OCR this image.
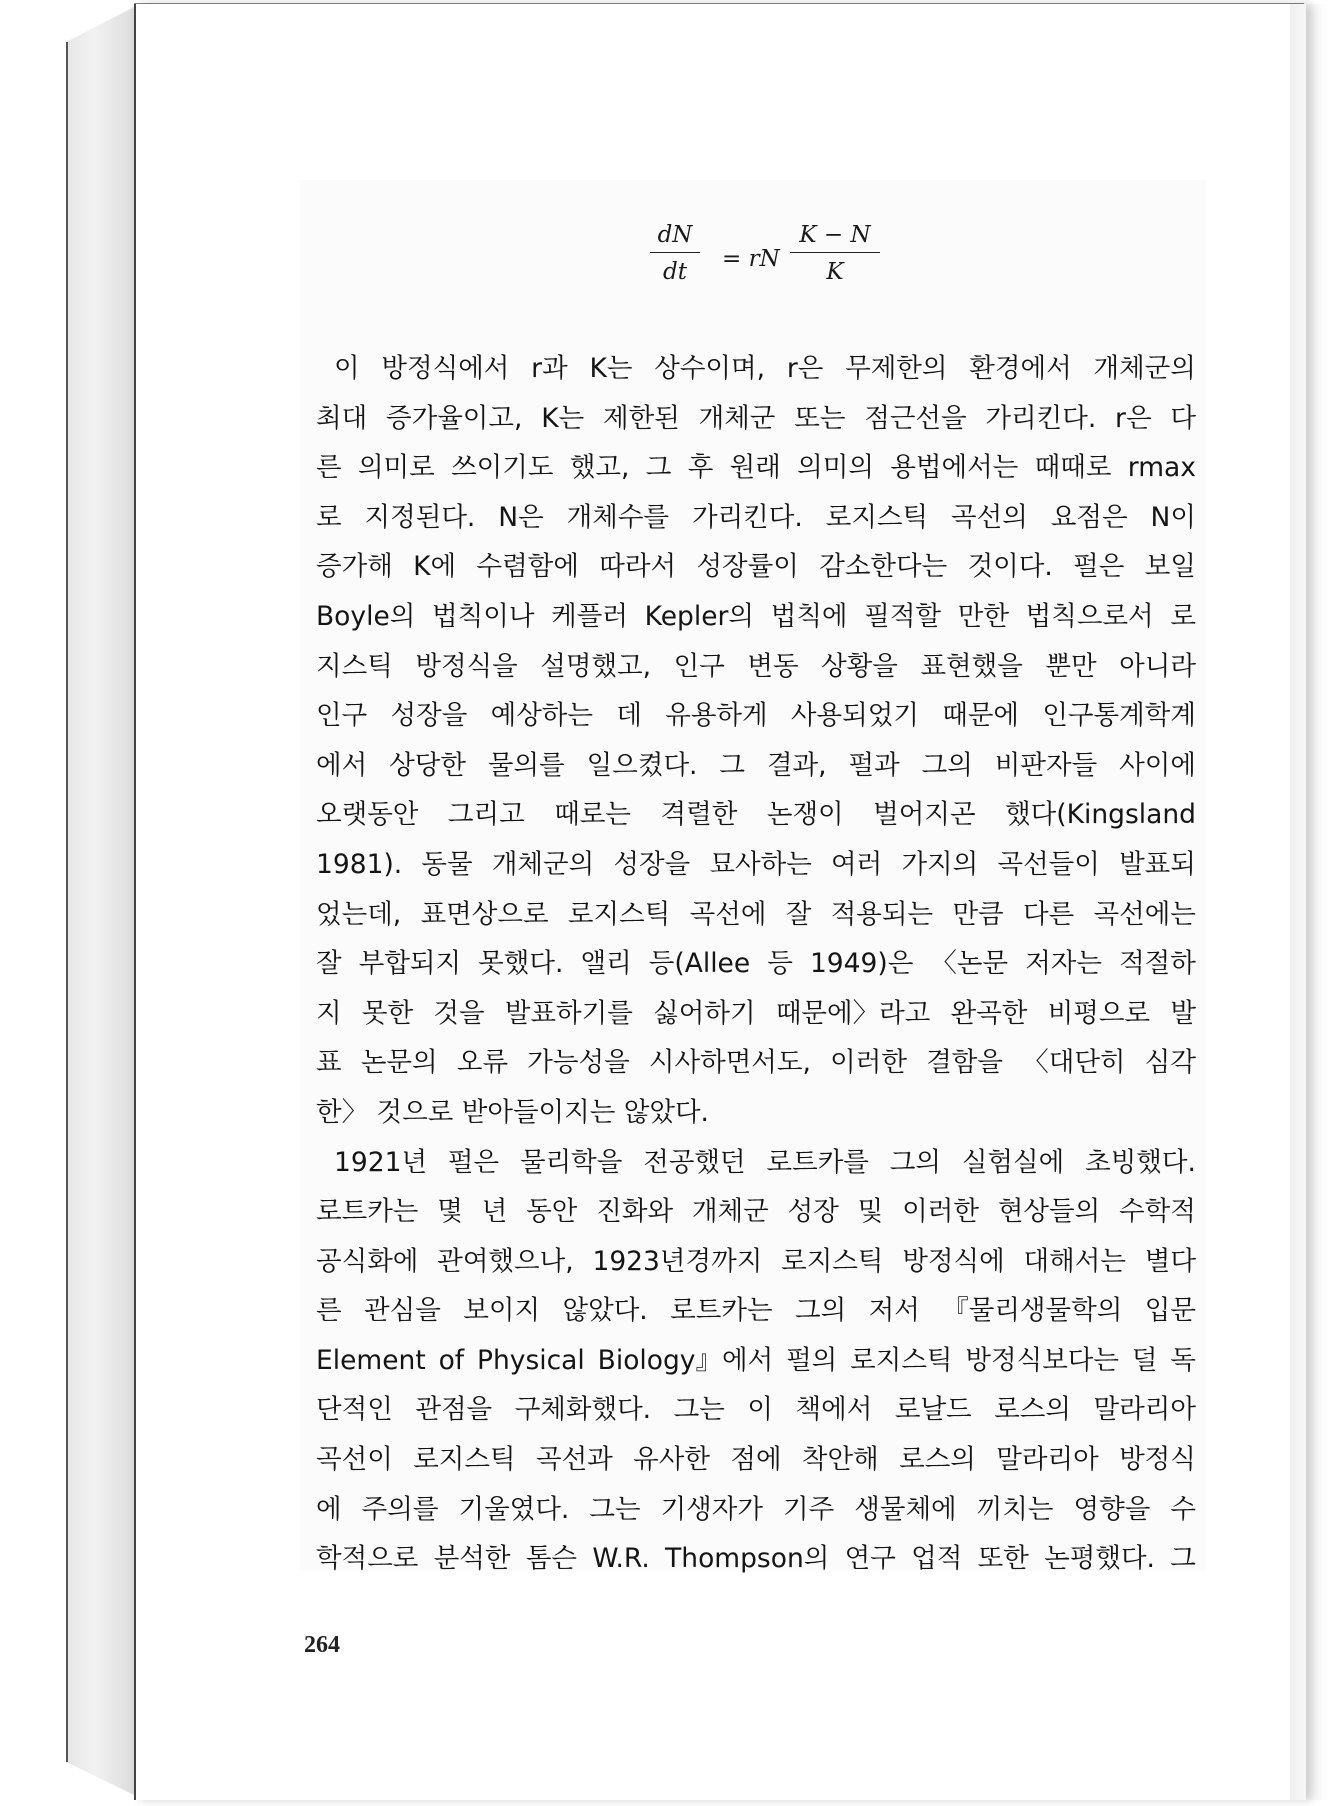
dN
dt	= rN
K − N
K
이 방정식에서 r과 K는 상수이며, r은 무제한의 환경에서 개체군의
최대 증가율이고, K는 제한된 개체군 또는 점근선을 가리킨다. r은 다
른 의미로 쓰이기도 했고, 그 후 원래 의미의 용법에서는 때때로 rmax
로 지정된다. N은 개체수를 가리킨다. 로지스틱 곡선의 요점은 N이
증가해 K에 수렴함에 따라서 성장률이 감소한다는 것이다. 펄은 보일
Boyle의 법칙이나 케플러 Kepler의 법칙에 필적할 만한 법칙으로서 로
지스틱 방정식을 설명했고, 인구 변동 상황을 표현했을 뿐만 아니라
인구 성장을 예상하는 데 유용하게 사용되었기 때문에 인구통계학계
에서 상당한 물의를 일으켰다. 그 결과, 펄과 그의 비판자들 사이에
오랫동안 그리고 때로는 격렬한 논쟁이 벌어지곤 했다(Kingsland
1981). 동물 개체군의 성장을 묘사하는 여러 가지의 곡선들이 발표되
었는데, 표면상으로 로지스틱 곡선에 잘 적용되는 만큼 다른 곡선에는
잘 부합되지 못했다. 앨리 등(Allee 등 1949)은 〈논문 저자는 적절하
지 못한 것을 발표하기를 싫어하기 때문에〉라고 완곡한 비평으로 발
표 논문의 오류 가능성을 시사하면서도, 이러한 결함을 〈대단히 심각
한〉 것으로 받아들이지는 않았다.
1921년 펄은 물리학을 전공했던 로트카를 그의 실험실에 초빙했다.
로트카는 몇 년 동안 진화와 개체군 성장 및 이러한 현상들의 수학적
공식화에 관여했으나, 1923년경까지 로지스틱 방정식에 대해서는 별다
른 관심을 보이지 않았다. 로트카는 그의 저서 『물리생물학의 입문
Element of Physical Biology』에서 펄의 로지스틱 방정식보다는 덜 독
단적인 관점을 구체화했다. 그는 이 책에서 로날드 로스의 말라리아
곡선이 로지스틱 곡선과 유사한 점에 착안해 로스의 말라리아 방정식
에 주의를 기울였다. 그는 기생자가 기주 생물체에 끼치는 영향을 수
학적으로 분석한 톰슨 W.R. Thompson의 연구 업적 또한 논평했다. 그
264
